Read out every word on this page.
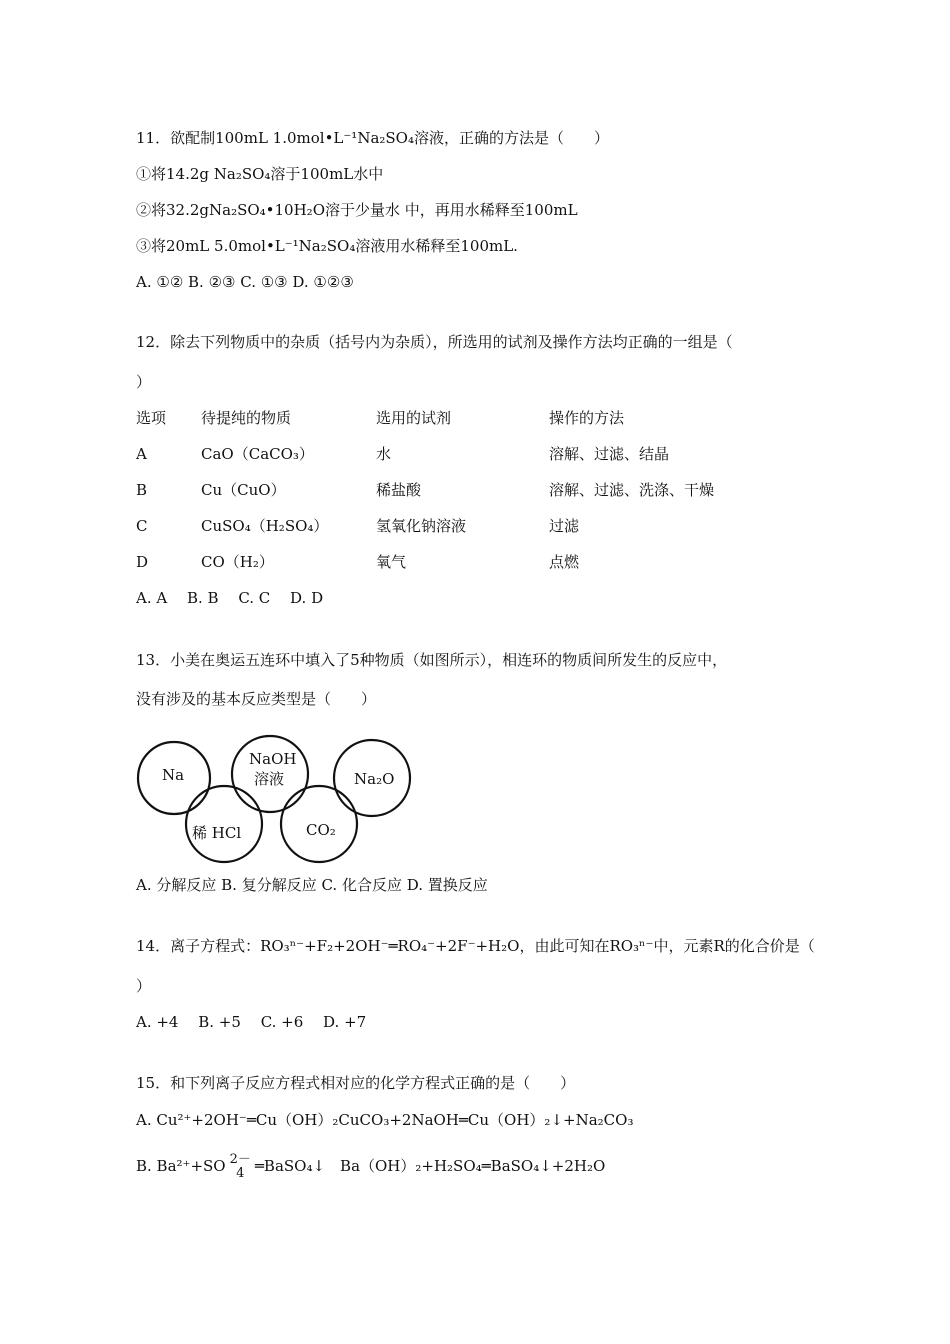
11．欲配制100mL 1.0mol•L⁻¹Na₂SO₄溶液，正确的方法是（　　）
①将14.2g Na₂SO₄溶于100mL水中
②将32.2gNa₂SO₄•10H₂O溶于少量水 中，再用水稀释至100mL
③将20mL 5.0mol•L⁻¹Na₂SO₄溶液用水稀释至100mL.
A. ①② B. ②③ C. ①③ D. ①②③
12．除去下列物质中的杂质（括号内为杂质），所选用的试剂及操作方法均正确的一组是（
）
选项 待提纯的物质	选用的试剂	操作的方法
A	CaO（CaCO₃）	水	溶解、过滤、结晶
B	Cu（CuO）	稀盐酸	溶解、过滤、洗涤、干燥
C	CuSO₄（H₂SO₄）	氢氧化钠溶液	过滤
D	CO（H₂）	氧气	点燃
A. A　 B. B　 C. C　 D. D
13．小美在奥运五连环中填入了5种物质（如图所示），相连环的物质间所发生的反应中，
没有涉及的基本反应类型是（　　）
Na
NaOH
溶液	Na₂O
稀 HCl	CO₂
A. 分解反应 B. 复分解反应 C. 化合反应 D. 置换反应
14．离子方程式：RO₃ⁿ⁻+F₂+2OH⁻═RO₄⁻+2F⁻+H₂O，由此可知在RO₃ⁿ⁻中，元素R的化合价是（
）
A. +4　 B. +5　 C. +6　 D. +7
15．和下列离子反应方程式相对应的化学方程式正确的是（　　）
A. Cu²⁺+2OH⁻═Cu（OH）₂CuCO₃+2NaOH═Cu（OH）₂↓+Na₂CO₃
B. Ba²⁺+SO 2－
4 ═BaSO₄↓　Ba（OH）₂+H₂SO₄═BaSO₄↓+2H₂O
